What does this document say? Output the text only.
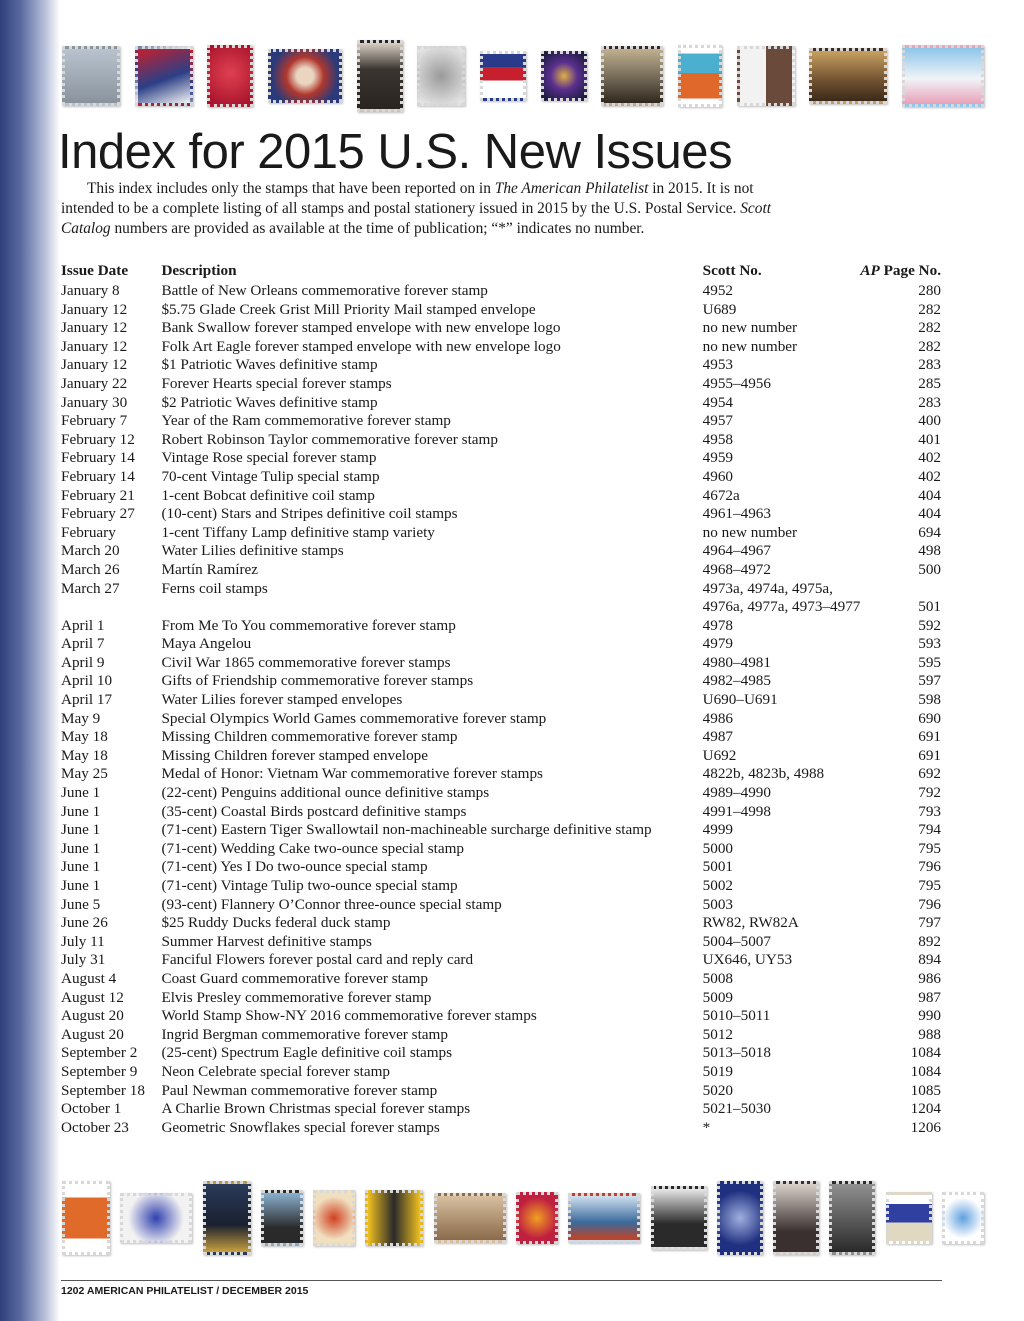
Index for 2015 U.S. New Issues

This index includes only the stamps that have been reported on in The American Philatelist in 2015. It is not intended to be a complete listing of all stamps and postal stationery issued in 2015 by the U.S. Postal Service. Scott Catalog numbers are provided as available at the time of publication; “*” indicates no number.

Issue Date	Description	Scott No.	AP Page No.
January 8	Battle of New Orleans commemorative forever stamp	4952	280
January 12	$5.75 Glade Creek Grist Mill Priority Mail stamped envelope	U689	282
January 12	Bank Swallow forever stamped envelope with new envelope logo	no new number	282
January 12	Folk Art Eagle forever stamped envelope with new envelope logo	no new number	282
January 12	$1 Patriotic Waves definitive stamp	4953	283
January 22	Forever Hearts special forever stamps	4955–4956	285
January 30	$2 Patriotic Waves definitive stamp	4954	283
February 7	Year of the Ram commemorative forever stamp	4957	400
February 12	Robert Robinson Taylor commemorative forever stamp	4958	401
February 14	Vintage Rose special forever stamp	4959	402
February 14	70-cent Vintage Tulip special stamp	4960	402
February 21	1-cent Bobcat definitive coil stamp	4672a	404
February 27	(10-cent) Stars and Stripes definitive coil stamps	4961–4963	404
February	1-cent Tiffany Lamp definitive stamp variety	no new number	694
March 20	Water Lilies definitive stamps	4964–4967	498
March 26	Martín Ramírez	4968–4972	500
March 27	Ferns coil stamps	4973a, 4974a, 4975a,	
		4976a, 4977a, 4973–4977	501
April 1	From Me To You commemorative forever stamp	4978	592
April 7	Maya Angelou	4979	593
April 9	Civil War 1865 commemorative forever stamps	4980–4981	595
April 10	Gifts of Friendship commemorative forever stamps	4982–4985	597
April 17	Water Lilies forever stamped envelopes	U690–U691	598
May 9	Special Olympics World Games commemorative forever stamp	4986	690
May 18	Missing Children commemorative forever stamp	4987	691
May 18	Missing Children forever stamped envelope	U692	691
May 25	Medal of Honor: Vietnam War commemorative forever stamps	4822b, 4823b, 4988	692
June 1	(22-cent) Penguins additional ounce definitive stamps	4989–4990	792
June 1	(35-cent) Coastal Birds postcard definitive stamps	4991–4998	793
June 1	(71-cent) Eastern Tiger Swallowtail non-machineable surcharge definitive stamp	4999	794
June 1	(71-cent) Wedding Cake two-ounce special stamp	5000	795
June 1	(71-cent) Yes I Do two-ounce special stamp	5001	796
June 1	(71-cent) Vintage Tulip two-ounce special stamp	5002	795
June 5	(93-cent) Flannery O’Connor three-ounce special stamp	5003	796
June 26	$25 Ruddy Ducks federal duck stamp	RW82, RW82A	797
July 11	Summer Harvest definitive stamps	5004–5007	892
July 31	Fanciful Flowers forever postal card and reply card	UX646, UY53	894
August 4	Coast Guard commemorative forever stamp	5008	986
August 12	Elvis Presley commemorative forever stamp	5009	987
August 20	World Stamp Show-NY 2016 commemorative forever stamps	5010–5011	990
August 20	Ingrid Bergman commemorative forever stamp	5012	988
September 2	(25-cent) Spectrum Eagle definitive coil stamps	5013–5018	1084
September 9	Neon Celebrate special forever stamp	5019	1084
September 18	Paul Newman commemorative forever stamp	5020	1085
October 1	A Charlie Brown Christmas special forever stamps	5021–5030	1204
October 23	Geometric Snowflakes special forever stamps	*	1206
1202 AMERICAN PHILATELIST / DECEMBER 2015
